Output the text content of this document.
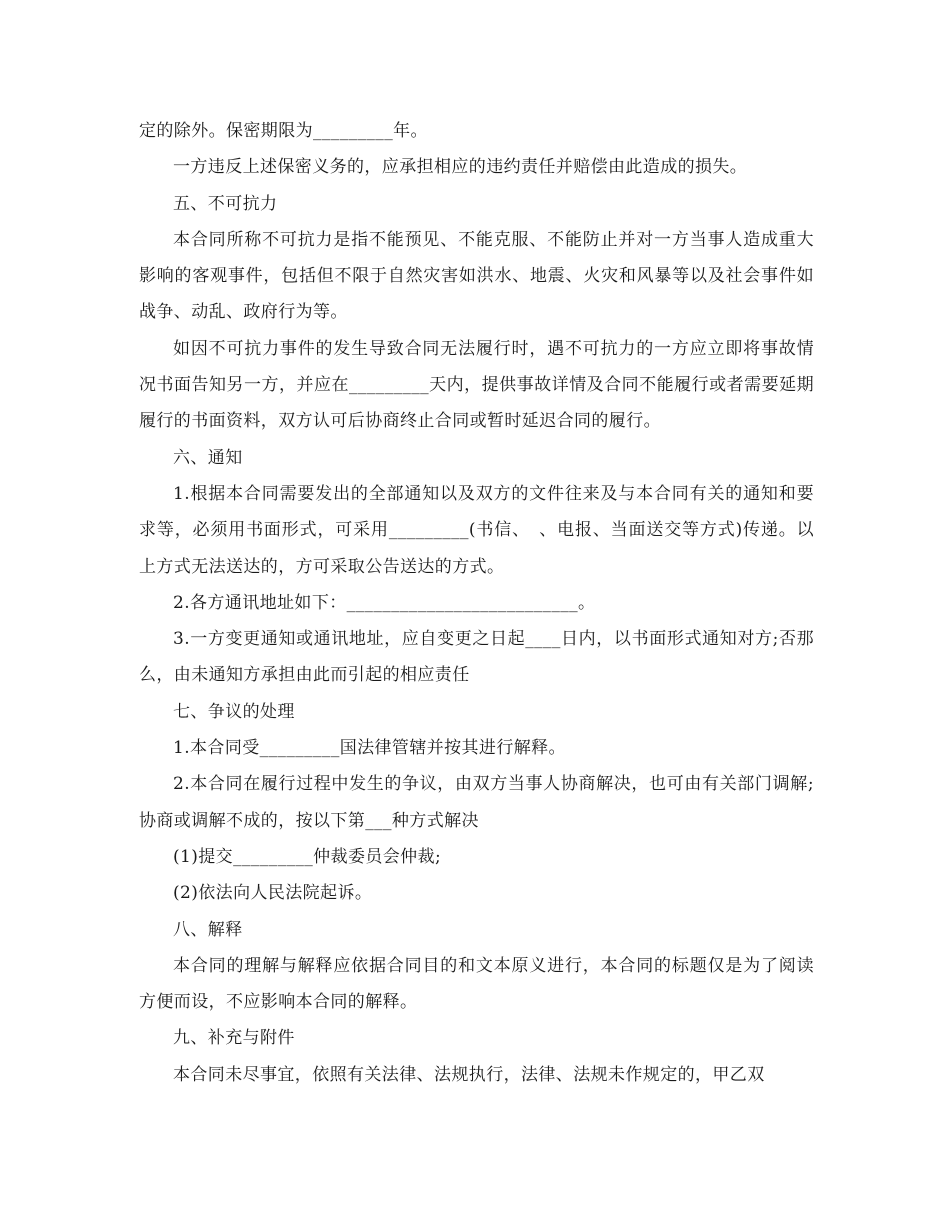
定的除外。保密期限为_________年。

一方违反上述保密义务的，应承担相应的违约责任并赔偿由此造成的损失。

五、不可抗力

本合同所称不可抗力是指不能预见、不能克服、不能防止并对一方当事人造成重大影响的客观事件，包括但不限于自然灾害如洪水、地震、火灾和风暴等以及社会事件如战争、动乱、政府行为等。

如因不可抗力事件的发生导致合同无法履行时，遇不可抗力的一方应立即将事故情况书面告知另一方，并应在_________天内，提供事故详情及合同不能履行或者需要延期履行的书面资料，双方认可后协商终止合同或暂时延迟合同的履行。

六、通知

1.根据本合同需要发出的全部通知以及双方的文件往来及与本合同有关的通知和要求等，必须用书面形式，可采用_________(书信、　、电报、当面送交等方式)传递。以上方式无法送达的，方可采取公告送达的方式。

2.各方通讯地址如下：__________________________。

3.一方变更通知或通讯地址，应自变更之日起____日内，以书面形式通知对方;否那么，由未通知方承担由此而引起的相应责任

七、争议的处理

1.本合同受_________国法律管辖并按其进行解释。

2.本合同在履行过程中发生的争议，由双方当事人协商解决，也可由有关部门调解;协商或调解不成的，按以下第___种方式解决

(1)提交_________仲裁委员会仲裁;

(2)依法向人民法院起诉。

八、解释

本合同的理解与解释应依据合同目的和文本原义进行，本合同的标题仅是为了阅读方便而设，不应影响本合同的解释。

九、补充与附件

本合同未尽事宜，依照有关法律、法规执行，法律、法规未作规定的，甲乙双
